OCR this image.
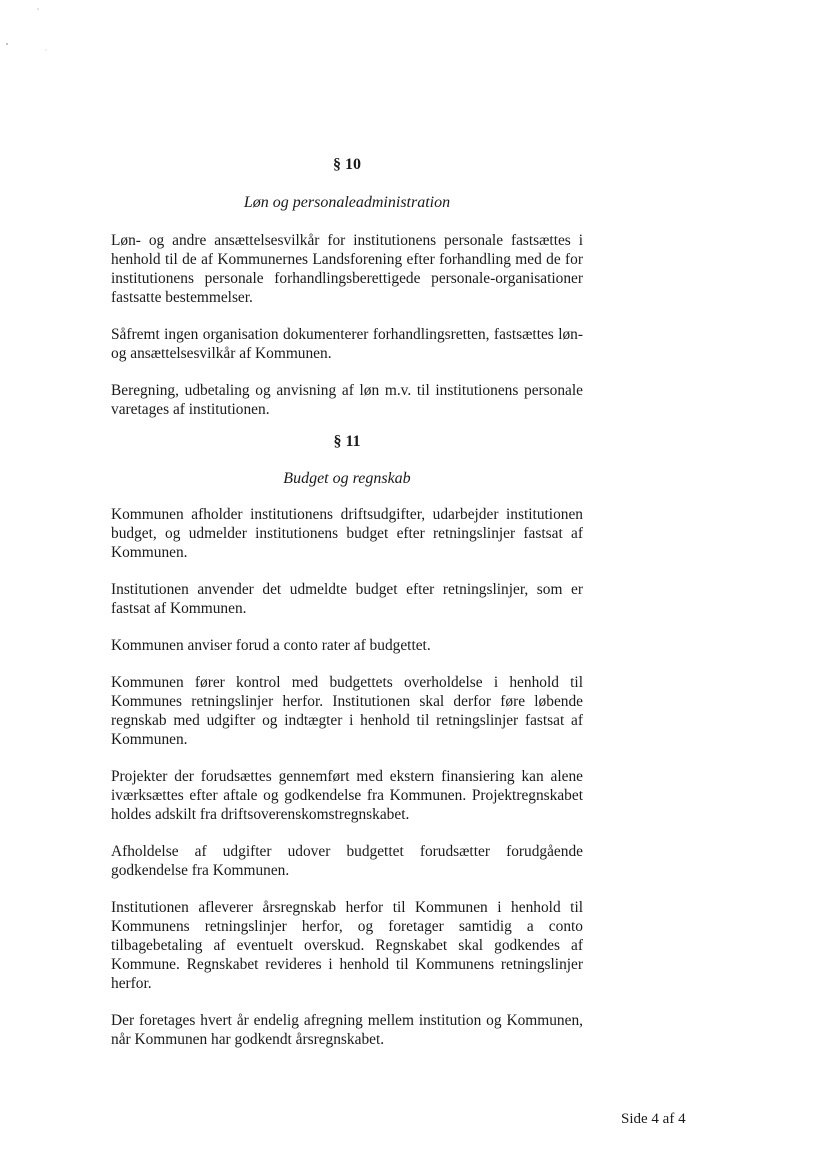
§ 10

Løn og personaleadministration

Løn- og andre ansættelsesvilkår for institutionens personale fastsættes i henhold til de af Kommunernes Landsforening efter forhandling med de for institutionens personale forhandlingsberettigede personale-organisationer fastsatte bestemmelser.

Såfremt ingen organisation dokumenterer forhandlingsretten, fastsættes løn- og ansættelsesvilkår af Kommunen.

Beregning, udbetaling og anvisning af løn m.v. til institutionens personale varetages af institutionen.

§ 11

Budget og regnskab

Kommunen afholder institutionens driftsudgifter, udarbejder institutionen budget, og udmelder institutionens budget efter retningslinjer fastsat af Kommunen.

Institutionen anvender det udmeldte budget efter retningslinjer, som er fastsat af Kommunen.

Kommunen anviser forud a conto rater af budgettet.

Kommunen fører kontrol med budgettets overholdelse i henhold til Kommunes retningslinjer herfor. Institutionen skal derfor føre løbende regnskab med udgifter og indtægter i henhold til retningslinjer fastsat af Kommunen.

Projekter der forudsættes gennemført med ekstern finansiering kan alene iværksættes efter aftale og godkendelse fra Kommunen. Projektregnskabet holdes adskilt fra driftsoverenskomstregnskabet.

Afholdelse af udgifter udover budgettet forudsætter forudgående godkendelse fra Kommunen.

Institutionen afleverer årsregnskab herfor til Kommunen i henhold til Kommunens retningslinjer herfor, og foretager samtidig a conto tilbagebetaling af eventuelt overskud. Regnskabet skal godkendes af Kommune. Regnskabet revideres i henhold til Kommunens retningslinjer herfor.

Der foretages hvert år endelig afregning mellem institution og Kommunen, når Kommunen har godkendt årsregnskabet.

Side 4 af 4
